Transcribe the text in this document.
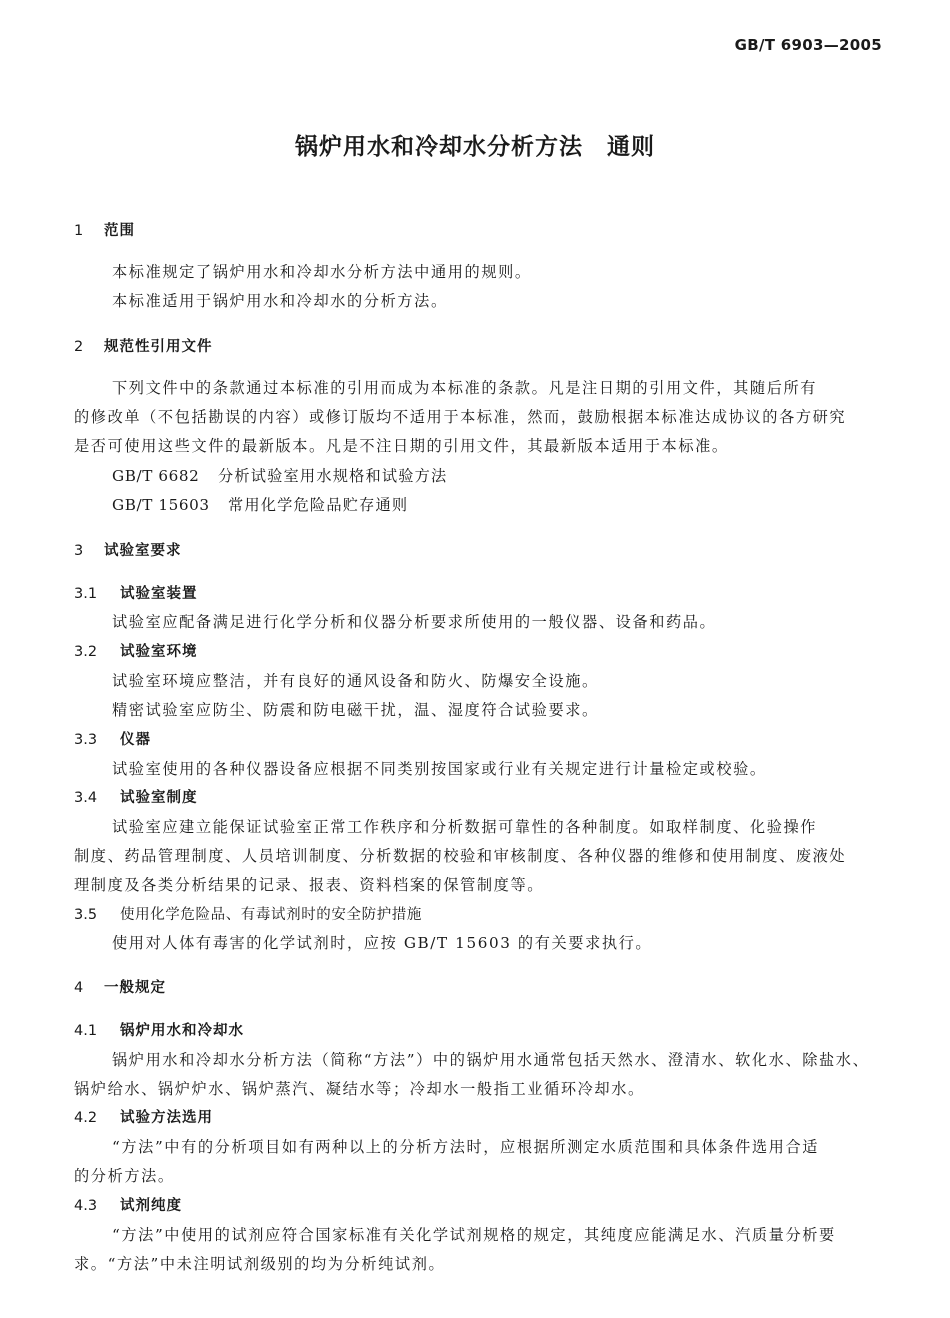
GB/T 6903—2005
锅炉用水和冷却水分析方法　通则
1 范围
本标准规定了锅炉用水和冷却水分析方法中通用的规则。
本标准适用于锅炉用水和冷却水的分析方法。
2 规范性引用文件
下列文件中的条款通过本标准的引用而成为本标准的条款。凡是注日期的引用文件，其随后所有
的修改单（不包括勘误的内容）或修订版均不适用于本标准，然而，鼓励根据本标准达成协议的各方研究
是否可使用这些文件的最新版本。凡是不注日期的引用文件，其最新版本适用于本标准。
GB/T 6682 分析试验室用水规格和试验方法
GB/T 15603 常用化学危险品贮存通则
3 试验室要求
3.1 试验室装置
试验室应配备满足进行化学分析和仪器分析要求所使用的一般仪器、设备和药品。
3.2 试验室环境
试验室环境应整洁，并有良好的通风设备和防火、防爆安全设施。
精密试验室应防尘、防震和防电磁干扰，温、湿度符合试验要求。
3.3 仪器
试验室使用的各种仪器设备应根据不同类别按国家或行业有关规定进行计量检定或校验。
3.4 试验室制度
试验室应建立能保证试验室正常工作秩序和分析数据可靠性的各种制度。如取样制度、化验操作
制度、药品管理制度、人员培训制度、分析数据的校验和审核制度、各种仪器的维修和使用制度、废液处
理制度及各类分析结果的记录、报表、资料档案的保管制度等。
3.5 使用化学危险品、有毒试剂时的安全防护措施
使用对人体有毒害的化学试剂时，应按 GB/T 15603 的有关要求执行。
4 一般规定
4.1 锅炉用水和冷却水
锅炉用水和冷却水分析方法（简称“方法”）中的锅炉用水通常包括天然水、澄清水、软化水、除盐水、
锅炉给水、锅炉炉水、锅炉蒸汽、凝结水等；冷却水一般指工业循环冷却水。
4.2 试验方法选用
“方法”中有的分析项目如有两种以上的分析方法时，应根据所测定水质范围和具体条件选用合适
的分析方法。
4.3 试剂纯度
“方法”中使用的试剂应符合国家标准有关化学试剂规格的规定，其纯度应能满足水、汽质量分析要
求。“方法”中未注明试剂级别的均为分析纯试剂。
